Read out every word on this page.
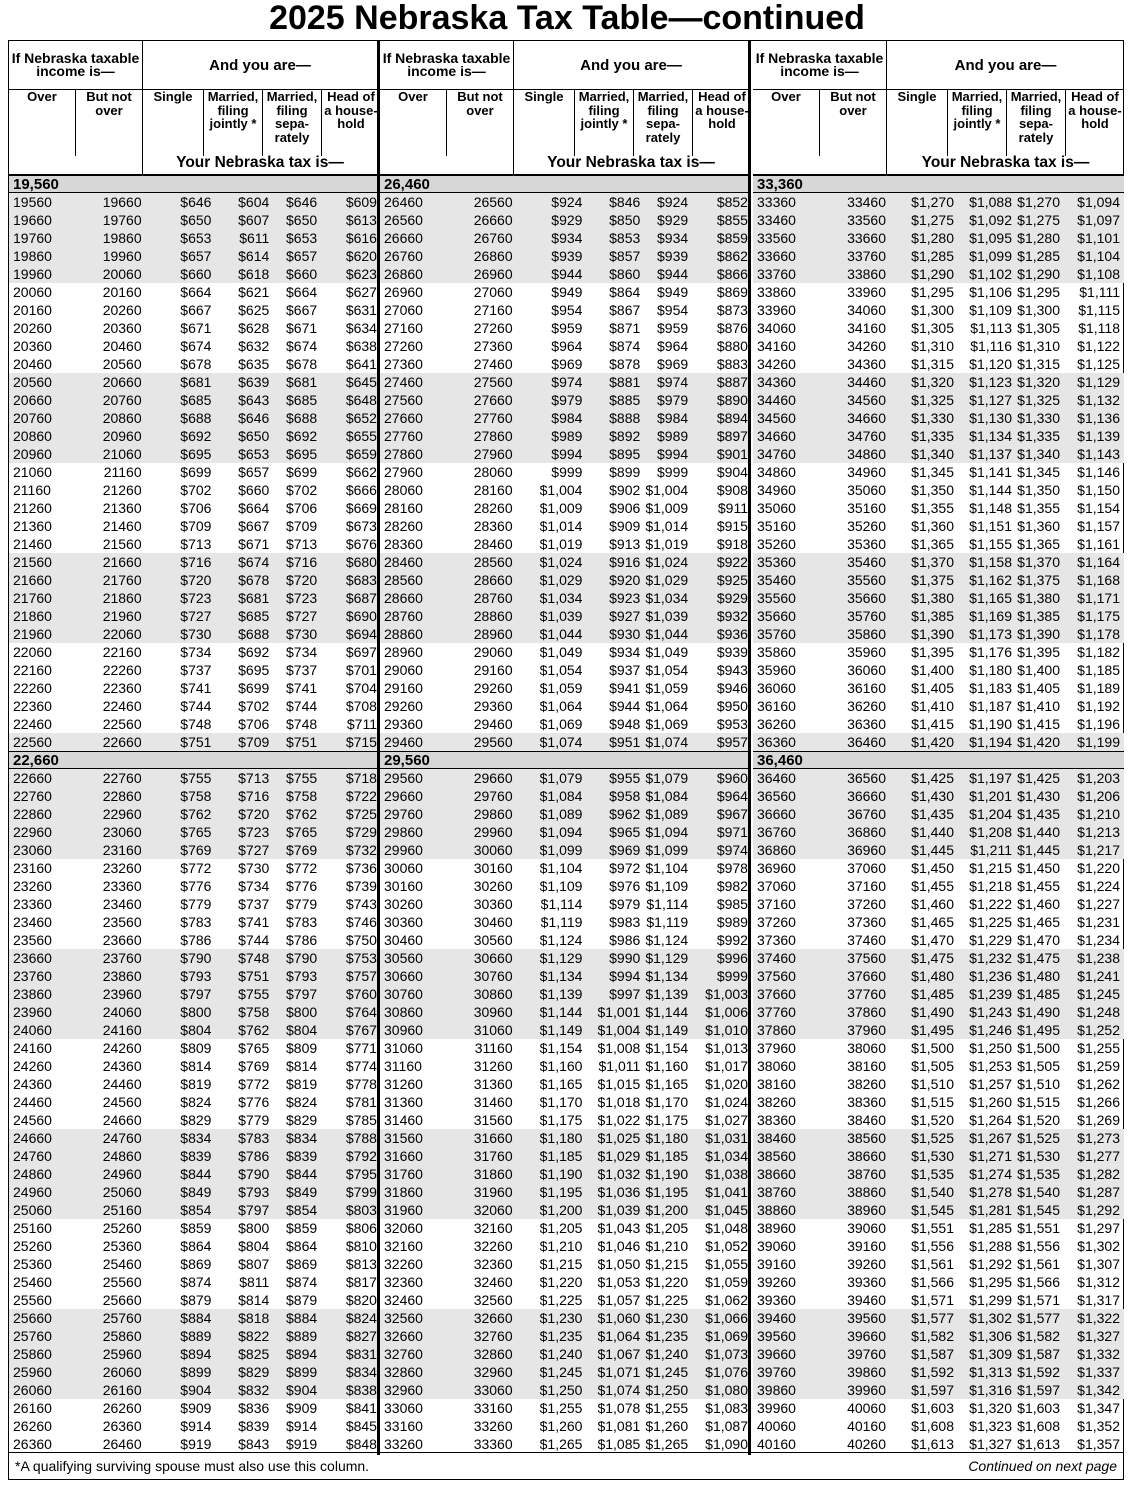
2025 Nebraska Tax Table—continued
If Nebraska taxable income is—	And you are—
Over	But not over
Single	Married, filing jointly *
Married, filing sepa- rately
Head of a house- hold
Your Nebraska tax is—
19,560
19560	19660	$646	$604	$646	$609
19660	19760	$650	$607	$650	$613
19760	19860	$653	$611	$653	$616
19860	19960	$657	$614	$657	$620
19960	20060	$660	$618	$660	$623
20060	20160	$664	$621	$664	$627
20160	20260	$667	$625	$667	$631
20260	20360	$671	$628	$671	$634
20360	20460	$674	$632	$674	$638
20460	20560	$678	$635	$678	$641
20560	20660	$681	$639	$681	$645
20660	20760	$685	$643	$685	$648
20760	20860	$688	$646	$688	$652
20860	20960	$692	$650	$692	$655
20960	21060	$695	$653	$695	$659
21060	21160	$699	$657	$699	$662
21160	21260	$702	$660	$702	$666
21260	21360	$706	$664	$706	$669
21360	21460	$709	$667	$709	$673
21460	21560	$713	$671	$713	$676
21560	21660	$716	$674	$716	$680
21660	21760	$720	$678	$720	$683
21760	21860	$723	$681	$723	$687
21860	21960	$727	$685	$727	$690
21960	22060	$730	$688	$730	$694
22060	22160	$734	$692	$734	$697
22160	22260	$737	$695	$737	$701
22260	22360	$741	$699	$741	$704
22360	22460	$744	$702	$744	$708
22460	22560	$748	$706	$748	$711
22560	22660	$751	$709	$751	$715
22,660
22660	22760	$755	$713	$755	$718
22760	22860	$758	$716	$758	$722
22860	22960	$762	$720	$762	$725
22960	23060	$765	$723	$765	$729
23060	23160	$769	$727	$769	$732
23160	23260	$772	$730	$772	$736
23260	23360	$776	$734	$776	$739
23360	23460	$779	$737	$779	$743
23460	23560	$783	$741	$783	$746
23560	23660	$786	$744	$786	$750
23660	23760	$790	$748	$790	$753
23760	23860	$793	$751	$793	$757
23860	23960	$797	$755	$797	$760
23960	24060	$800	$758	$800	$764
24060	24160	$804	$762	$804	$767
24160	24260	$809	$765	$809	$771
24260	24360	$814	$769	$814	$774
24360	24460	$819	$772	$819	$778
24460	24560	$824	$776	$824	$781
24560	24660	$829	$779	$829	$785
24660	24760	$834	$783	$834	$788
24760	24860	$839	$786	$839	$792
24860	24960	$844	$790	$844	$795
24960	25060	$849	$793	$849	$799
25060	25160	$854	$797	$854	$803
25160	25260	$859	$800	$859	$806
25260	25360	$864	$804	$864	$810
25360	25460	$869	$807	$869	$813
25460	25560	$874	$811	$874	$817
25560	25660	$879	$814	$879	$820
25660	25760	$884	$818	$884	$824
25760	25860	$889	$822	$889	$827
25860	25960	$894	$825	$894	$831
25960	26060	$899	$829	$899	$834
26060	26160	$904	$832	$904	$838
26160	26260	$909	$836	$909	$841
26260	26360	$914	$839	$914	$845
26360	26460	$919	$843	$919	$848
If Nebraska taxable income is—	And you are—
Over	But not over
Single	Married, filing jointly *
Married, filing sepa- rately
Head of a house- hold
Your Nebraska tax is—
26,460
26460	26560	$924	$846	$924	$852
26560	26660	$929	$850	$929	$855
26660	26760	$934	$853	$934	$859
26760	26860	$939	$857	$939	$862
26860	26960	$944	$860	$944	$866
26960	27060	$949	$864	$949	$869
27060	27160	$954	$867	$954	$873
27160	27260	$959	$871	$959	$876
27260	27360	$964	$874	$964	$880
27360	27460	$969	$878	$969	$883
27460	27560	$974	$881	$974	$887
27560	27660	$979	$885	$979	$890
27660	27760	$984	$888	$984	$894
27760	27860	$989	$892	$989	$897
27860	27960	$994	$895	$994	$901
27960	28060	$999	$899	$999	$904
28060	28160	$1,004	$902 $1,004	$908
28160	28260	$1,009	$906 $1,009	$911
28260	28360	$1,014	$909 $1,014	$915
28360	28460	$1,019	$913 $1,019	$918
28460	28560	$1,024	$916 $1,024	$922
28560	28660	$1,029	$920 $1,029	$925
28660	28760	$1,034	$923 $1,034	$929
28760	28860	$1,039	$927 $1,039	$932
28860	28960	$1,044	$930 $1,044	$936
28960	29060	$1,049	$934 $1,049	$939
29060	29160	$1,054	$937 $1,054	$943
29160	29260	$1,059	$941 $1,059	$946
29260	29360	$1,064	$944 $1,064	$950
29360	29460	$1,069	$948 $1,069	$953
29460	29560	$1,074	$951 $1,074	$957
29,560
29560	29660	$1,079	$955 $1,079	$960
29660	29760	$1,084	$958 $1,084	$964
29760	29860	$1,089	$962 $1,089	$967
29860	29960	$1,094	$965 $1,094	$971
29960	30060	$1,099	$969 $1,099	$974
30060	30160	$1,104	$972 $1,104	$978
30160	30260	$1,109	$976 $1,109	$982
30260	30360	$1,114	$979 $1,114	$985
30360	30460	$1,119	$983 $1,119	$989
30460	30560	$1,124	$986 $1,124	$992
30560	30660	$1,129	$990 $1,129	$996
30660	30760	$1,134	$994 $1,134	$999
30760	30860	$1,139	$997 $1,139	$1,003
30860	30960	$1,144	$1,001 $1,144	$1,006
30960	31060	$1,149	$1,004 $1,149	$1,010
31060	31160	$1,154	$1,008 $1,154	$1,013
31160	31260	$1,160	$1,011 $1,160	$1,017
31260	31360	$1,165	$1,015 $1,165	$1,020
31360	31460	$1,170	$1,018 $1,170	$1,024
31460	31560	$1,175	$1,022 $1,175	$1,027
31560	31660	$1,180	$1,025 $1,180	$1,031
31660	31760	$1,185	$1,029 $1,185	$1,034
31760	31860	$1,190	$1,032 $1,190	$1,038
31860	31960	$1,195	$1,036 $1,195	$1,041
31960	32060	$1,200	$1,039 $1,200	$1,045
32060	32160	$1,205	$1,043 $1,205	$1,048
32160	32260	$1,210	$1,046 $1,210	$1,052
32260	32360	$1,215	$1,050 $1,215	$1,055
32360	32460	$1,220	$1,053 $1,220	$1,059
32460	32560	$1,225	$1,057 $1,225	$1,062
32560	32660	$1,230	$1,060 $1,230	$1,066
32660	32760	$1,235	$1,064 $1,235	$1,069
32760	32860	$1,240	$1,067 $1,240	$1,073
32860	32960	$1,245	$1,071 $1,245	$1,076
32960	33060	$1,250	$1,074 $1,250	$1,080
33060	33160	$1,255	$1,078 $1,255	$1,083
33160	33260	$1,260	$1,081 $1,260	$1,087
33260	33360	$1,265	$1,085 $1,265	$1,090
If Nebraska taxable income is—	And you are—
Over	But not over
Single	Married, filing jointly *
Married, filing sepa- rately
Head of a house- hold
Your Nebraska tax is—
33,360
33360	33460	$1,270	$1,088 $1,270	$1,094
33460	33560	$1,275	$1,092 $1,275	$1,097
33560	33660	$1,280	$1,095 $1,280	$1,101
33660	33760	$1,285	$1,099 $1,285	$1,104
33760	33860	$1,290	$1,102 $1,290	$1,108
33860	33960	$1,295	$1,106 $1,295	$1,111
33960	34060	$1,300	$1,109 $1,300	$1,115
34060	34160	$1,305	$1,113 $1,305	$1,118
34160	34260	$1,310	$1,116 $1,310	$1,122
34260	34360	$1,315	$1,120 $1,315	$1,125
34360	34460	$1,320	$1,123 $1,320	$1,129
34460	34560	$1,325	$1,127 $1,325	$1,132
34560	34660	$1,330	$1,130 $1,330	$1,136
34660	34760	$1,335	$1,134 $1,335	$1,139
34760	34860	$1,340	$1,137 $1,340	$1,143
34860	34960	$1,345	$1,141 $1,345	$1,146
34960	35060	$1,350	$1,144 $1,350	$1,150
35060	35160	$1,355	$1,148 $1,355	$1,154
35160	35260	$1,360	$1,151 $1,360	$1,157
35260	35360	$1,365	$1,155 $1,365	$1,161
35360	35460	$1,370	$1,158 $1,370	$1,164
35460	35560	$1,375	$1,162 $1,375	$1,168
35560	35660	$1,380	$1,165 $1,380	$1,171
35660	35760	$1,385	$1,169 $1,385	$1,175
35760	35860	$1,390	$1,173 $1,390	$1,178
35860	35960	$1,395	$1,176 $1,395	$1,182
35960	36060	$1,400	$1,180 $1,400	$1,185
36060	36160	$1,405	$1,183 $1,405	$1,189
36160	36260	$1,410	$1,187 $1,410	$1,192
36260	36360	$1,415	$1,190 $1,415	$1,196
36360	36460	$1,420	$1,194 $1,420	$1,199
36,460
36460	36560	$1,425	$1,197 $1,425	$1,203
36560	36660	$1,430	$1,201 $1,430	$1,206
36660	36760	$1,435	$1,204 $1,435	$1,210
36760	36860	$1,440	$1,208 $1,440	$1,213
36860	36960	$1,445	$1,211 $1,445	$1,217
36960	37060	$1,450	$1,215 $1,450	$1,220
37060	37160	$1,455	$1,218 $1,455	$1,224
37160	37260	$1,460	$1,222 $1,460	$1,227
37260	37360	$1,465	$1,225 $1,465	$1,231
37360	37460	$1,470	$1,229 $1,470	$1,234
37460	37560	$1,475	$1,232 $1,475	$1,238
37560	37660	$1,480	$1,236 $1,480	$1,241
37660	37760	$1,485	$1,239 $1,485	$1,245
37760	37860	$1,490	$1,243 $1,490	$1,248
37860	37960	$1,495	$1,246 $1,495	$1,252
37960	38060	$1,500	$1,250 $1,500	$1,255
38060	38160	$1,505	$1,253 $1,505	$1,259
38160	38260	$1,510	$1,257 $1,510	$1,262
38260	38360	$1,515	$1,260 $1,515	$1,266
38360	38460	$1,520	$1,264 $1,520	$1,269
38460	38560	$1,525	$1,267 $1,525	$1,273
38560	38660	$1,530	$1,271 $1,530	$1,277
38660	38760	$1,535	$1,274 $1,535	$1,282
38760	38860	$1,540	$1,278 $1,540	$1,287
38860	38960	$1,545	$1,281 $1,545	$1,292
38960	39060	$1,551	$1,285 $1,551	$1,297
39060	39160	$1,556	$1,288 $1,556	$1,302
39160	39260	$1,561	$1,292 $1,561	$1,307
39260	39360	$1,566	$1,295 $1,566	$1,312
39360	39460	$1,571	$1,299 $1,571	$1,317
39460	39560	$1,577	$1,302 $1,577	$1,322
39560	39660	$1,582	$1,306 $1,582	$1,327
39660	39760	$1,587	$1,309 $1,587	$1,332
39760	39860	$1,592	$1,313 $1,592	$1,337
39860	39960	$1,597	$1,316 $1,597	$1,342
39960	40060	$1,603	$1,320 $1,603	$1,347
40060	40160	$1,608	$1,323 $1,608	$1,352
40160	40260	$1,613	$1,327 $1,613	$1,357
*A qualifying surviving spouse must also use this column.	Continued on next page
